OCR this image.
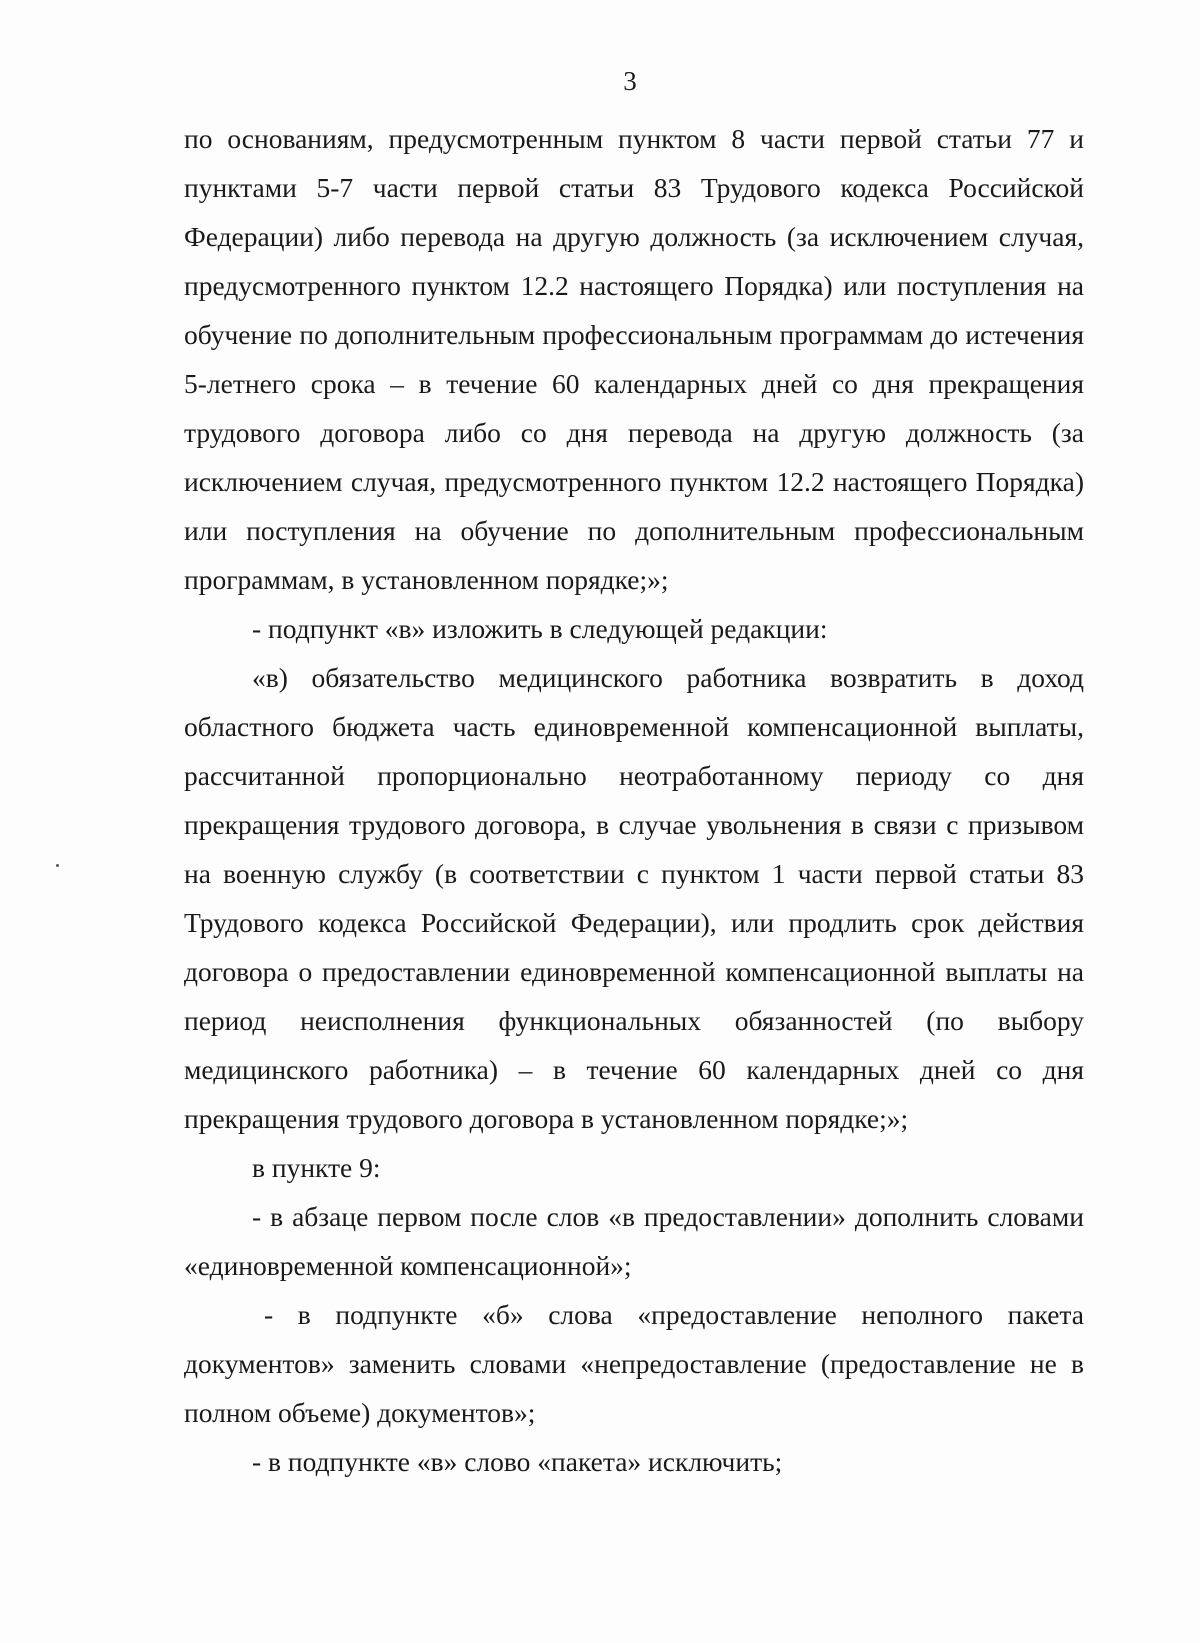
3

по основаниям, предусмотренным пунктом 8 части первой статьи 77 и пунктами 5-7 части первой статьи 83 Трудового кодекса Российской Федерации) либо перевода на другую должность (за исключением случая, предусмотренного пунктом 12.2 настоящего Порядка) или поступления на обучение по дополнительным профессиональным программам до истечения 5-летнего срока – в течение 60 календарных дней со дня прекращения трудового договора либо со дня перевода на другую должность (за исключением случая, предусмотренного пунктом 12.2 настоящего Порядка) или поступления на обучение по дополнительным профессиональным программам, в установленном порядке;»;

- подпункт «в» изложить в следующей редакции:

«в) обязательство медицинского работника возвратить в доход областного бюджета часть единовременной компенсационной выплаты, рассчитанной пропорционально неотработанному периоду со дня прекращения трудового договора, в случае увольнения в связи с призывом на военную службу (в соответствии с пунктом 1 части первой статьи 83 Трудового кодекса Российской Федерации), или продлить срок действия договора о предоставлении единовременной компенсационной выплаты на период неисполнения функциональных обязанностей (по выбору медицинского работника) – в течение 60 календарных дней со дня прекращения трудового договора в установленном порядке;»;

в пункте 9:

- в абзаце первом после слов «в предоставлении» дополнить словами «единовременной компенсационной»;

- в подпункте «б» слова «предоставление неполного пакета документов» заменить словами «непредоставление (предоставление не в полном объеме) документов»;

- в подпункте «в» слово «пакета» исключить;
